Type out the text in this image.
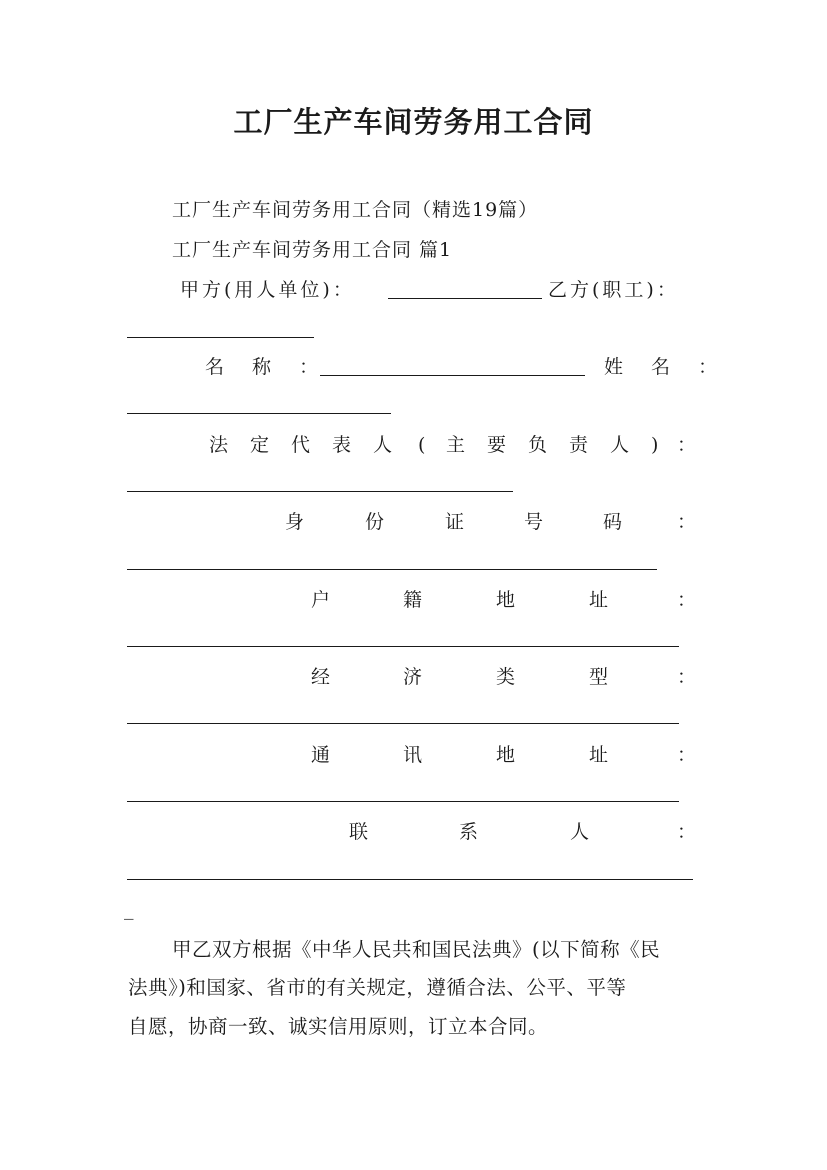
工厂生产车间劳务用工合同
工厂生产车间劳务用工合同（精选19篇）
工厂生产车间劳务用工合同 篇1
甲方(用人单位)：	乙方(职工)：
名 称 ：	姓 名 ：
法 定 代 表 人 ( 主 要 负 责 人 ) ：
身	份	证	号	码	：
户	籍	地	址	：
经	济	类	型	：
通	讯	地	址	：
联	系	人	：
_
甲乙双方根据《中华人民共和国民法典》(以下简称《民
法典》)和国家、省市的有关规定，遵循合法、公平、平等
自愿，协商一致、诚实信用原则，订立本合同。
